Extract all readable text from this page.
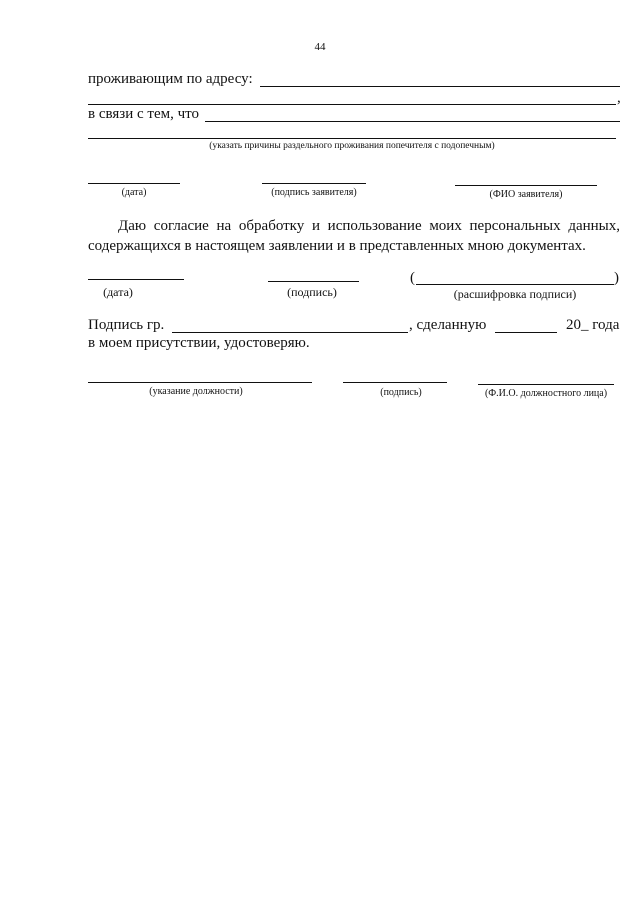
44
проживающим по адресу:
,
в связи с тем, что
(указать причины раздельного проживания попечителя с подопечным)
(дата)	(подпись заявителя)	(ФИО заявителя)
Даю согласие на обработку и использование моих персональных данных, содержащихся в настоящем заявлении и в представленных мною документах.
(	)
(дата)	(подпись)	(расшифровка подписи)
Подпись гр.	, сделанную	20_ года
в моем присутствии, удостоверяю.
(указание должности)	(подпись)	(Ф.И.О. должностного лица)
